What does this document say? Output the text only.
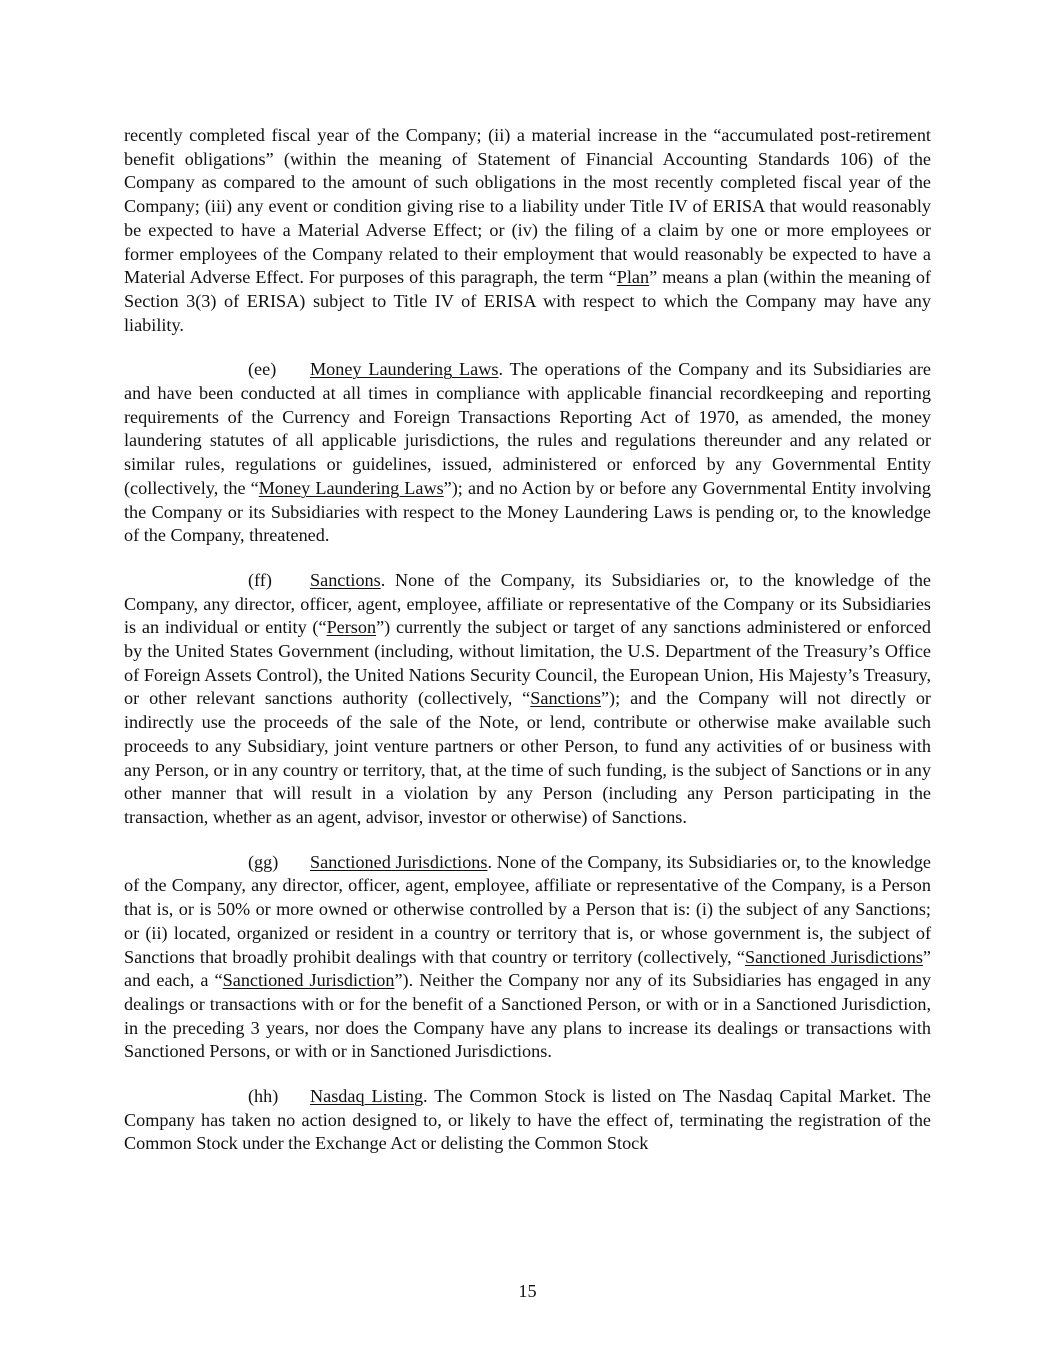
recently completed fiscal year of the Company; (ii) a material increase in the “accumulated post-retirement benefit obligations” (within the meaning of Statement of Financial Accounting Standards 106) of the Company as compared to the amount of such obligations in the most recently completed fiscal year of the Company; (iii) any event or condition giving rise to a liability under Title IV of ERISA that would reasonably be expected to have a Material Adverse Effect; or (iv) the filing of a claim by one or more employees or former employees of the Company related to their employment that would reasonably be expected to have a Material Adverse Effect. For purposes of this paragraph, the term “Plan” means a plan (within the meaning of Section 3(3) of ERISA) subject to Title IV of ERISA with respect to which the Company may have any liability.

(ee) Money Laundering Laws. The operations of the Company and its Subsidiaries are and have been conducted at all times in compliance with applicable financial recordkeeping and reporting requirements of the Currency and Foreign Transactions Reporting Act of 1970, as amended, the money laundering statutes of all applicable jurisdictions, the rules and regulations thereunder and any related or similar rules, regulations or guidelines, issued, administered or enforced by any Governmental Entity (collectively, the “Money Laundering Laws”); and no Action by or before any Governmental Entity involving the Company or its Subsidiaries with respect to the Money Laundering Laws is pending or, to the knowledge of the Company, threatened.

(ff) Sanctions. None of the Company, its Subsidiaries or, to the knowledge of the Company, any director, officer, agent, employee, affiliate or representative of the Company or its Subsidiaries is an individual or entity (“Person”) currently the subject or target of any sanctions administered or enforced by the United States Government (including, without limitation, the U.S. Department of the Treasury’s Office of Foreign Assets Control), the United Nations Security Council, the European Union, His Majesty’s Treasury, or other relevant sanctions authority (collectively, “Sanctions”); and the Company will not directly or indirectly use the proceeds of the sale of the Note, or lend, contribute or otherwise make available such proceeds to any Subsidiary, joint venture partners or other Person, to fund any activities of or business with any Person, or in any country or territory, that, at the time of such funding, is the subject of Sanctions or in any other manner that will result in a violation by any Person (including any Person participating in the transaction, whether as an agent, advisor, investor or otherwise) of Sanctions.

(gg) Sanctioned Jurisdictions. None of the Company, its Subsidiaries or, to the knowledge of the Company, any director, officer, agent, employee, affiliate or representative of the Company, is a Person that is, or is 50% or more owned or otherwise controlled by a Person that is: (i) the subject of any Sanctions; or (ii) located, organized or resident in a country or territory that is, or whose government is, the subject of Sanctions that broadly prohibit dealings with that country or territory (collectively, “Sanctioned Jurisdictions” and each, a “Sanctioned Jurisdiction”). Neither the Company nor any of its Subsidiaries has engaged in any dealings or transactions with or for the benefit of a Sanctioned Person, or with or in a Sanctioned Jurisdiction, in the preceding 3 years, nor does the Company have any plans to increase its dealings or transactions with Sanctioned Persons, or with or in Sanctioned Jurisdictions.

(hh) Nasdaq Listing. The Common Stock is listed on The Nasdaq Capital Market. The Company has taken no action designed to, or likely to have the effect of, terminating the registration of the Common Stock under the Exchange Act or delisting the Common Stock

15
